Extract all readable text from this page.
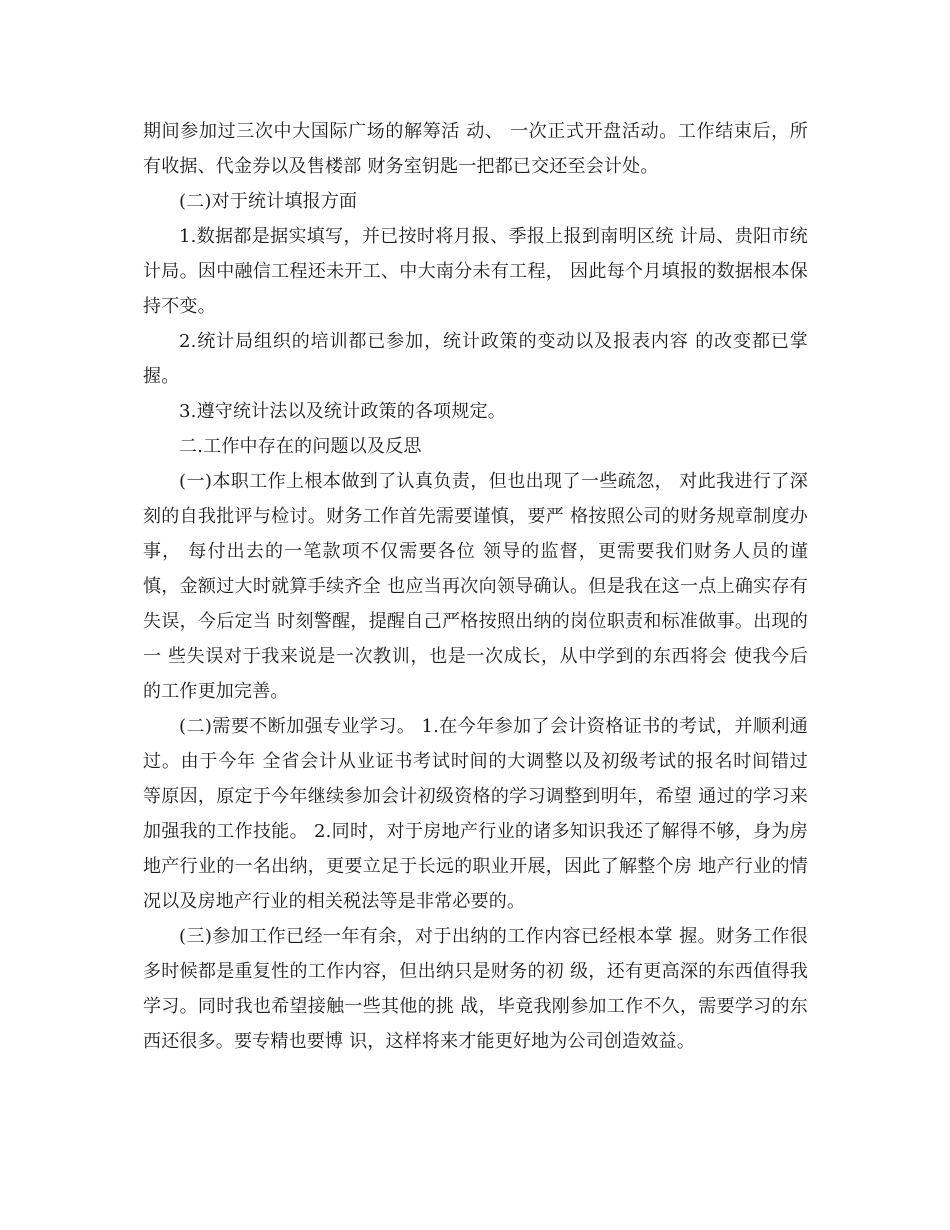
期间参加过三次中大国际广场的解筹活 动、 一次正式开盘活动。工作结束后，所有收据、代金券以及售楼部 财务室钥匙一把都已交还至会计处。

(二)对于统计填报方面

1.数据都是据实填写，并已按时将月报、季报上报到南明区统 计局、贵阳市统计局。因中融信工程还未开工、中大南分未有工程， 因此每个月填报的数据根本保持不变。

2.统计局组织的培训都已参加，统计政策的变动以及报表内容 的改变都已掌握。

3.遵守统计法以及统计政策的各项规定。

二.工作中存在的问题以及反思

(一)本职工作上根本做到了认真负责，但也出现了一些疏忽， 对此我进行了深刻的自我批评与检讨。财务工作首先需要谨慎，要严 格按照公司的财务规章制度办事， 每付出去的一笔款项不仅需要各位 领导的监督，更需要我们财务人员的谨慎，金额过大时就算手续齐全 也应当再次向领导确认。但是我在这一点上确实存有失误，今后定当 时刻警醒，提醒自己严格按照出纳的岗位职责和标准做事。出现的一 些失误对于我来说是一次教训，也是一次成长，从中学到的东西将会 使我今后的工作更加完善。

(二)需要不断加强专业学习。 1.在今年参加了会计资格证书的考试，并顺利通过。由于今年 全省会计从业证书考试时间的大调整以及初级考试的报名时间错过 等原因，原定于今年继续参加会计初级资格的学习调整到明年，希望 通过的学习来加强我的工作技能。 2.同时，对于房地产行业的诸多知识我还了解得不够，身为房 地产行业的一名出纳，更要立足于长远的职业开展，因此了解整个房 地产行业的情况以及房地产行业的相关税法等是非常必要的。

(三)参加工作已经一年有余，对于出纳的工作内容已经根本掌 握。财务工作很多时候都是重复性的工作内容，但出纳只是财务的初 级，还有更高深的东西值得我学习。同时我也希望接触一些其他的挑 战，毕竟我刚参加工作不久，需要学习的东西还很多。要专精也要博 识，这样将来才能更好地为公司创造效益。
